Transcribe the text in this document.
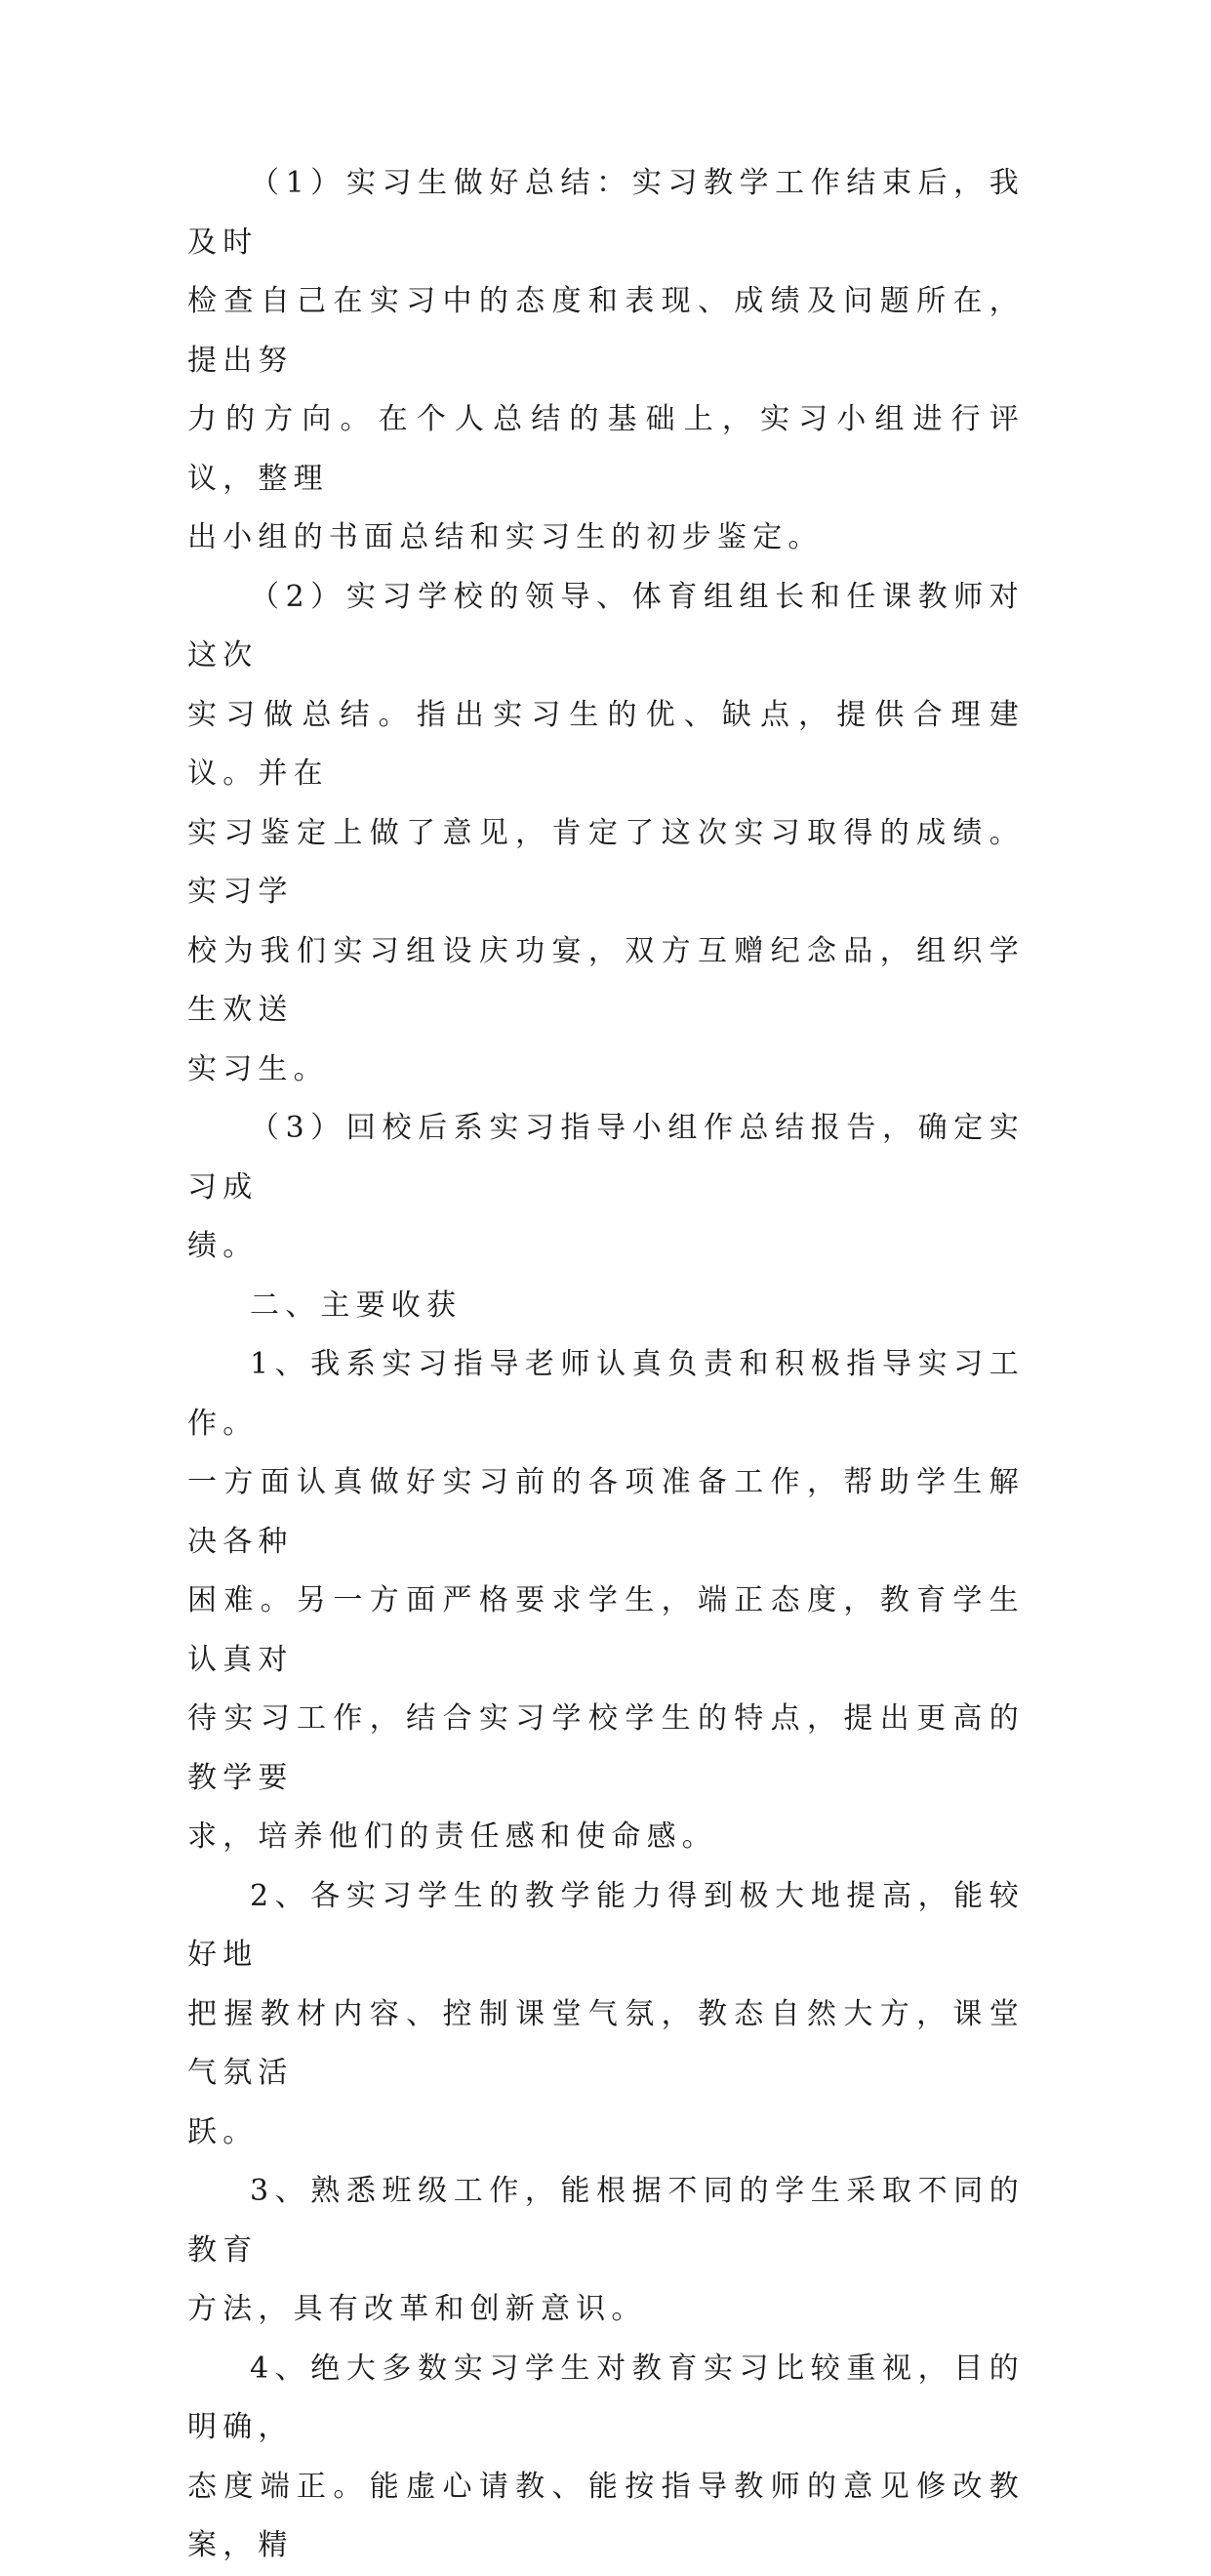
（1）实习生做好总结：实习教学工作结束后，我及时
检查自己在实习中的态度和表现、成绩及问题所在，提出努
力的方向。在个人总结的基础上，实习小组进行评议，整理
出小组的书面总结和实习生的初步鉴定。

（2）实习学校的领导、体育组组长和任课教师对这次
实习做总结。指出实习生的优、缺点，提供合理建议。并在
实习鉴定上做了意见，肯定了这次实习取得的成绩。实习学
校为我们实习组设庆功宴，双方互赠纪念品，组织学生欢送
实习生。

（3）回校后系实习指导小组作总结报告，确定实习成
绩。

二、主要收获

1、我系实习指导老师认真负责和积极指导实习工作。
一方面认真做好实习前的各项准备工作，帮助学生解决各种
困难。另一方面严格要求学生，端正态度，教育学生认真对
待实习工作，结合实习学校学生的特点，提出更高的教学要
求，培养他们的责任感和使命感。

2、各实习学生的教学能力得到极大地提高，能较好地
把握教材内容、控制课堂气氛，教态自然大方，课堂气氛活
跃。

3、熟悉班级工作，能根据不同的学生采取不同的教育
方法，具有改革和创新意识。

4、绝大多数实习学生对教育实习比较重视，目的明确，
态度端正。能虚心请教、能按指导教师的意见修改教案，精
